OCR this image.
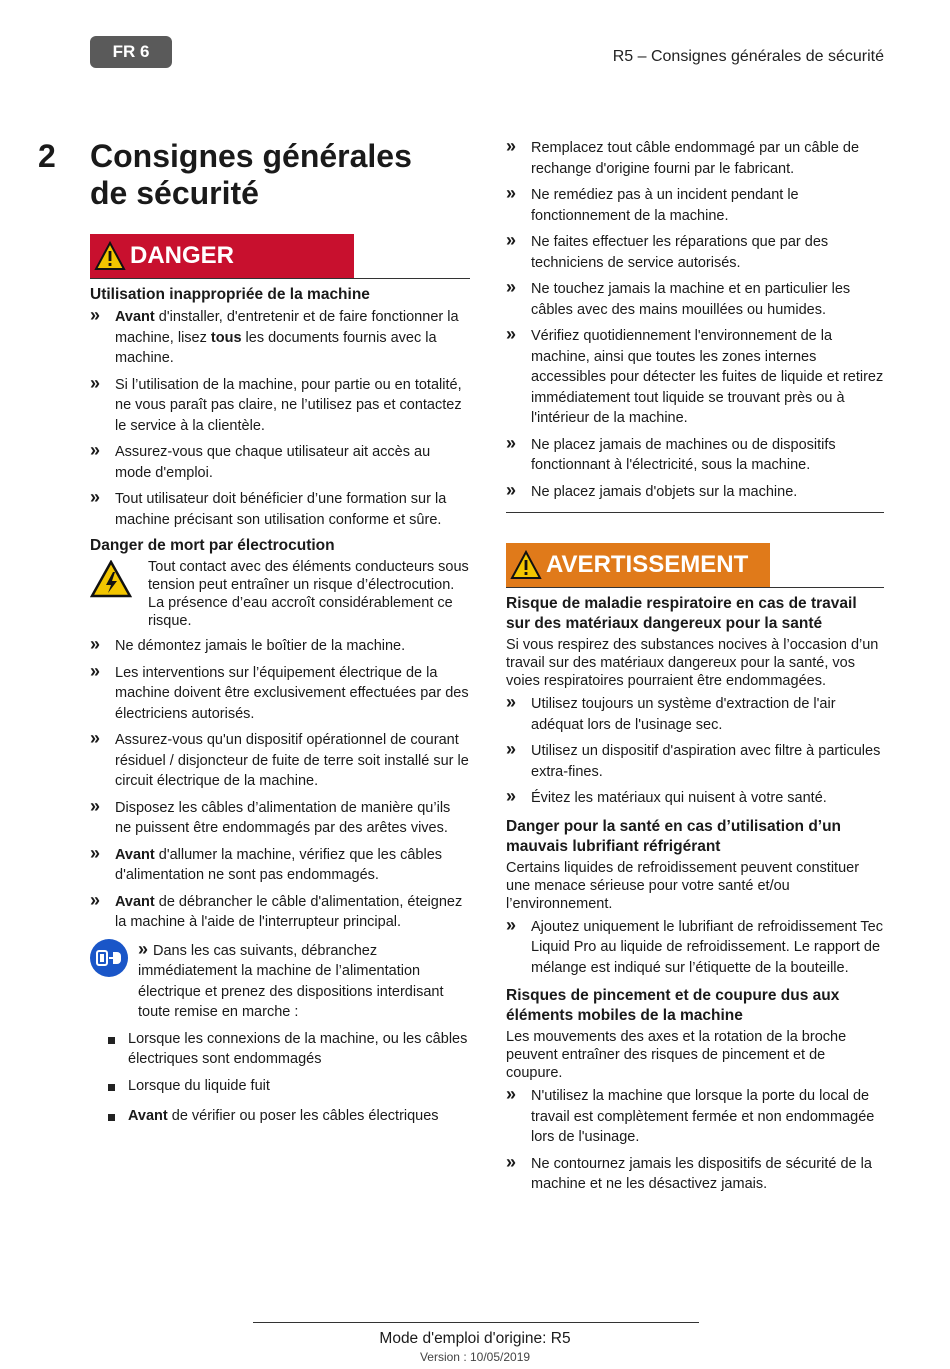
FR 6	R5 – Consignes générales de sécurité
2 Consignes générales
de sécurité
DANGER
Utilisation inappropriée de la machine
» Avant d'installer, d'entretenir et de faire fonctionner la machine, lisez tous les documents fournis avec la machine.
» Si l’utilisation de la machine, pour partie ou en totalité, ne vous paraît pas claire, ne l’utilisez pas et contactez le service à la clientèle.
» Assurez-vous que chaque utilisateur ait accès au mode d'emploi.
» Tout utilisateur doit bénéficier d’une formation sur la machine précisant son utilisation conforme et sûre.
Danger de mort par électrocution
Tout contact avec des éléments conducteurs sous tension peut entraîner un risque d’électrocution. La présence d’eau accroît considérablement ce risque.
» Ne démontez jamais le boîtier de la machine.
» Les interventions sur l’équipement électrique de la machine doivent être exclusivement effectuées par des électriciens autorisés.
» Assurez-vous qu'un dispositif opérationnel de courant résiduel / disjoncteur de fuite de terre soit installé sur le circuit électrique de la machine.
» Disposez les câbles d’alimentation de manière qu’ils ne puissent être endommagés par des arêtes vives.
» Avant d'allumer la machine, vérifiez que les câbles d'alimentation ne sont pas endommagés.
» Avant de débrancher le câble d'alimentation, éteignez la machine à l'aide de l'interrupteur principal.
» Dans les cas suivants, débranchez immédiatement la machine de l’alimentation électrique et prenez des dispositions interdisant toute remise en marche :
Lorsque les connexions de la machine, ou les câbles électriques sont endommagés
Lorsque du liquide fuit
Avant de vérifier ou poser les câbles électriques
» Remplacez tout câble endommagé par un câble de rechange d'origine fourni par le fabricant.
» Ne remédiez pas à un incident pendant le fonctionnement de la machine.
» Ne faites effectuer les réparations que par des techniciens de service autorisés.
» Ne touchez jamais la machine et en particulier les câbles avec des mains mouillées ou humides.
» Vérifiez quotidiennement l'environnement de la machine, ainsi que toutes les zones internes accessibles pour détecter les fuites de liquide et retirez immédiatement tout liquide se trouvant près ou à l'intérieur de la machine.
» Ne placez jamais de machines ou de dispositifs fonctionnant à l'électricité, sous la machine.
» Ne placez jamais d'objets sur la machine.
AVERTISSEMENT
Risque de maladie respiratoire en cas de travail sur des matériaux dangereux pour la santé
Si vous respirez des substances nocives à l’occasion d’un travail sur des matériaux dangereux pour la santé, vos voies respiratoires pourraient être endommagées.
» Utilisez toujours un système d'extraction de l'air adéquat lors de l'usinage sec.
» Utilisez un dispositif d'aspiration avec filtre à particules extra-fines.
» Évitez les matériaux qui nuisent à votre santé.
Danger pour la santé en cas d’utilisation d’un mauvais lubrifiant réfrigérant
Certains liquides de refroidissement peuvent constituer une menace sérieuse pour votre santé et/ou l’environnement.
» Ajoutez uniquement le lubrifiant de refroidissement Tec Liquid Pro au liquide de refroidissement. Le rapport de mélange est indiqué sur l’étiquette de la bouteille.
Risques de pincement et de coupure dus aux éléments mobiles de la machine
Les mouvements des axes et la rotation de la broche peuvent entraîner des risques de pincement et de coupure.
» N'utilisez la machine que lorsque la porte du local de travail est complètement fermée et non endommagée lors de l'usinage.
» Ne contournez jamais les dispositifs de sécurité de la machine et ne les désactivez jamais.
Mode d'emploi d'origine: R5
Version : 10/05/2019
